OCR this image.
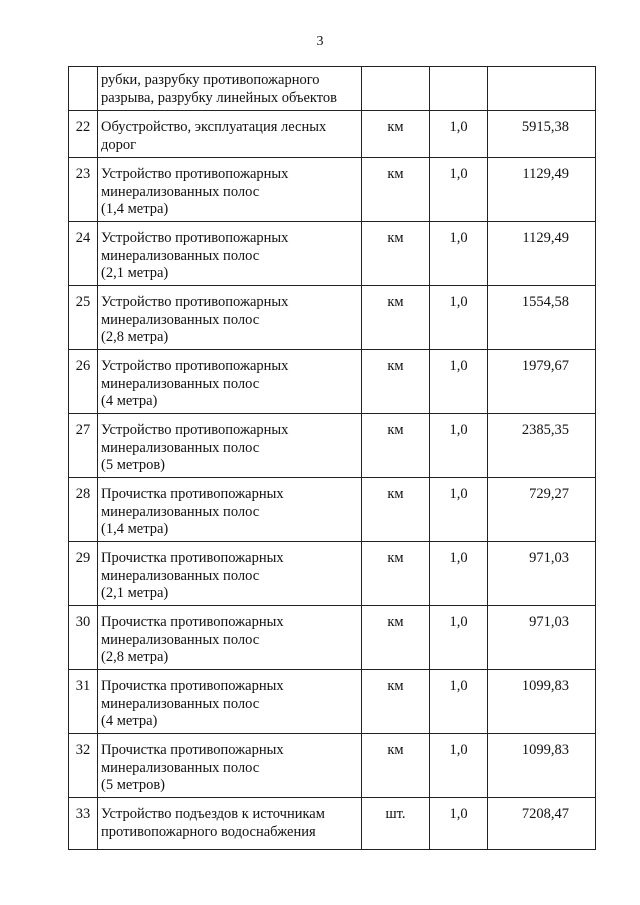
3

	рубки, разрубку противопожарного
разрыва, разрубку линейных объектов			

22	Обустройство, эксплуатация лесных
дорог	км	1,0	5915,38
23	Устройство противопожарных
минерализованных полос
(1,4 метра)	км	1,0	1129,49
24	Устройство противопожарных
минерализованных полос
(2,1 метра)	км	1,0	1129,49
25	Устройство противопожарных
минерализованных полос
(2,8 метра)	км	1,0	1554,58
26	Устройство противопожарных
минерализованных полос
(4 метра)	км	1,0	1979,67
27	Устройство противопожарных
минерализованных полос
(5 метров)	км	1,0	2385,35
28	Прочистка противопожарных
минерализованных полос
(1,4 метра)	км	1,0	729,27
29	Прочистка противопожарных
минерализованных полос
(2,1 метра)	км	1,0	971,03
30	Прочистка противопожарных
минерализованных полос
(2,8 метра)	км	1,0	971,03
31	Прочистка противопожарных
минерализованных полос
(4 метра)	км	1,0	1099,83
32	Прочистка противопожарных
минерализованных полос
(5 метров)	км	1,0	1099,83
33	Устройство подъездов к источникам
противопожарного водоснабжения	шт.	1,0	7208,47
